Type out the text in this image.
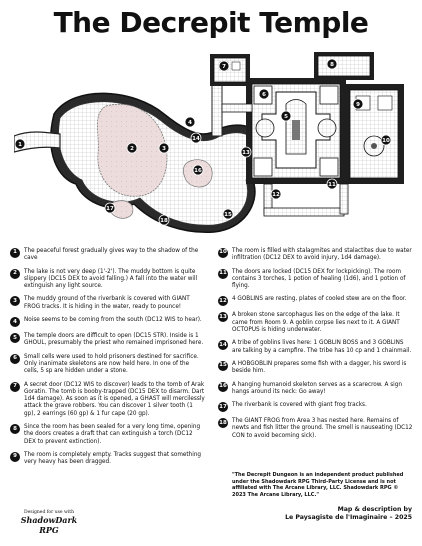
The Decrepit Temple
1
2	3
4
5
6
7	8
9
10
11
12
13
14
15
16
17
18
1	The peaceful forest gradually gives way to the shadow of the cave
2	The lake is not very deep (1'-2'). The muddy bottom is quite slippery (DC15 DEX to avoid falling.) A fall into the water will extinguish any light source.
3	The muddy ground of the riverbank is covered with GIANT FROG tracks. It is hiding in the water, ready to pounce!
4	Noise seems to be coming from the south (DC12 WIS to hear).
5	The temple doors are difficult to open (DC15 STR). Inside is 1 GHOUL, presumably the priest who remained imprisoned here.
6	Small cells were used to hold prisoners destined for sacrifice. Only inanimate skeletons are now held here. In one of the cells, 5 sp are hidden under a stone.
7	A secret door (DC12 WIS to discover) leads to the tomb of Arak Goratin. The tomb is booby-trapped (DC15 DEX to disarm. Dart 1d4 damage). As soon as it is opened, a GHAST will mercilessly attack the grave robbers. You can discover 1 silver tooth (1 gp), 2 earrings (60 gp) & 1 fur cape (20 gp).
8	Since the room has been sealed for a very long time, opening the doors creates a draft that can extinguish a torch (DC12 DEX to prevent extinction).
9	The room is completely empty. Tracks suggest that something very heavy has been dragged.
10 The room is filled with stalagmites and stalactites due to water infiltration (DC12 DEX to avoid injury, 1d4 damage).
11 The doors are locked (DC15 DEX for lockpicking). The room contains 3 torches, 1 potion of healing (1d6), and 1 potion of flying.
12 4 GOBLINS are resting, plates of cooled stew are on the floor.
13 A broken stone sarcophagus lies on the edge of the lake. It came from Room 9. A goblin corpse lies next to it. A GIANT OCTOPUS is hiding underwater.
14 A tribe of goblins lives here: 1 GOBLIN BOSS and 3 GOBLINS are talking by a campfire. The tribe has 10 cp and 1 chainmail.
15 A HOBGOBLIN prepares some fish with a dagger, his sword is beside him.
16 A hanging humanoid skeleton serves as a scarecrow. A sign hangs around its neck: Go away!
17 The riverbank is covered with giant frog tracks.
18 The GIANT FROG from Area 3 has nested here. Remains of newts and fish litter the ground. The smell is nauseating (DC12 CON to avoid becoming sick).
"The Decrepit Dungeon is an independent product published under the Shadowdark RPG Third-Party License and is not affiliated with The Arcane Library, LLC. Shadowdark RPG © 2023 The Arcane Library, LLC."
Map & description by
Le Paysagiste de l'Imaginaire – 2025
Designed for use with
ShadowDark RPG
